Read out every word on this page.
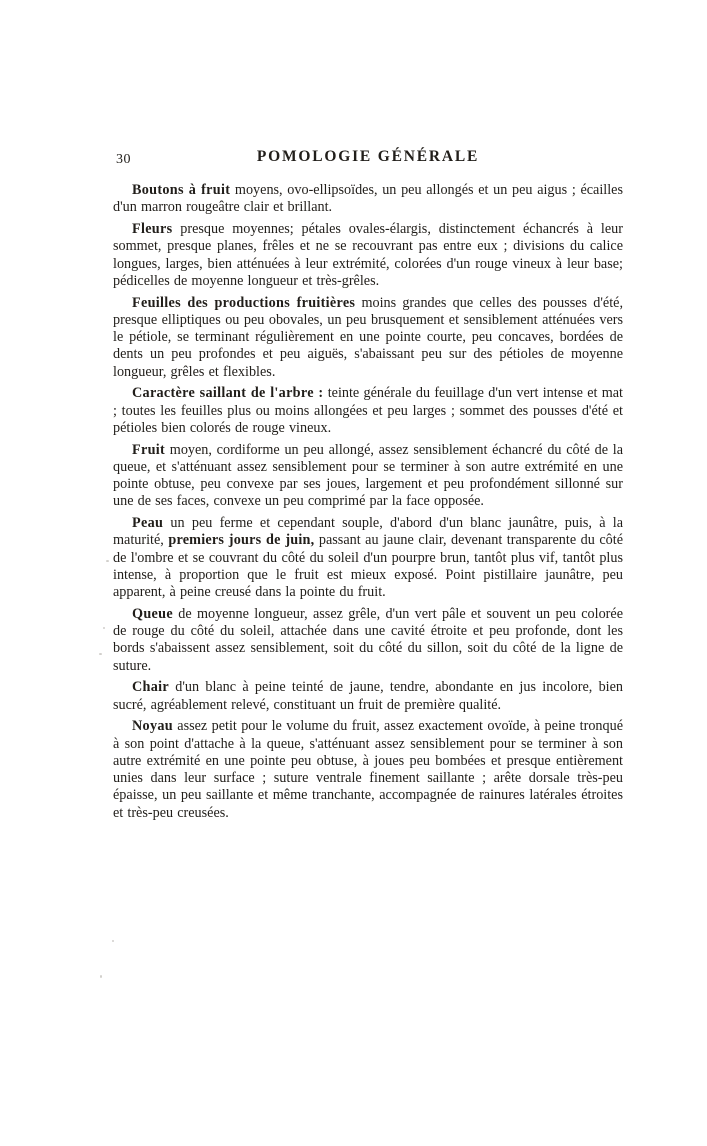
30	POMOLOGIE GÉNÉRALE

Boutons à fruit moyens, ovo-ellipsoïdes, un peu allongés et un peu aigus ; écailles d'un marron rougeâtre clair et brillant.

Fleurs presque moyennes; pétales ovales-élargis, distinctement échancrés à leur sommet, presque planes, frêles et ne se recouvrant pas entre eux ; divisions du calice longues, larges, bien atténuées à leur extrémité, colorées d'un rouge vineux à leur base; pédicelles de moyenne longueur et très-grêles.

Feuilles des productions fruitières moins grandes que celles des pousses d'été, presque elliptiques ou peu obovales, un peu brusquement et sensiblement atténuées vers le pétiole, se terminant régulièrement en une pointe courte, peu concaves, bordées de dents un peu profondes et peu aiguës, s'abaissant peu sur des pétioles de moyenne longueur, grêles et flexibles.

Caractère saillant de l'arbre : teinte générale du feuillage d'un vert intense et mat ; toutes les feuilles plus ou moins allongées et peu larges ; sommet des pousses d'été et pétioles bien colorés de rouge vineux.

Fruit moyen, cordiforme un peu allongé, assez sensiblement échancré du côté de la queue, et s'atténuant assez sensiblement pour se terminer à son autre extrémité en une pointe obtuse, peu convexe par ses joues, largement et peu profondément sillonné sur une de ses faces, convexe un peu comprimé par la face opposée.

Peau un peu ferme et cependant souple, d'abord d'un blanc jaunâtre, puis, à la maturité, premiers jours de juin, passant au jaune clair, devenant transparente du côté de l'ombre et se couvrant du côté du soleil d'un pourpre brun, tantôt plus vif, tantôt plus intense, à proportion que le fruit est mieux exposé. Point pistillaire jaunâtre, peu apparent, à peine creusé dans la pointe du fruit.

Queue de moyenne longueur, assez grêle, d'un vert pâle et souvent un peu colorée de rouge du côté du soleil, attachée dans une cavité étroite et peu profonde, dont les bords s'abaissent assez sensiblement, soit du côté du sillon, soit du côté de la ligne de suture.

Chair d'un blanc à peine teinté de jaune, tendre, abondante en jus incolore, bien sucré, agréablement relevé, constituant un fruit de première qualité.

Noyau assez petit pour le volume du fruit, assez exactement ovoïde, à peine tronqué à son point d'attache à la queue, s'atténuant assez sensiblement pour se terminer à son autre extrémité en une pointe peu obtuse, à joues peu bombées et presque entièrement unies dans leur surface ; suture ventrale finement saillante ; arête dorsale très-peu épaisse, un peu saillante et même tranchante, accompagnée de rainures latérales étroites et très-peu creusées.
